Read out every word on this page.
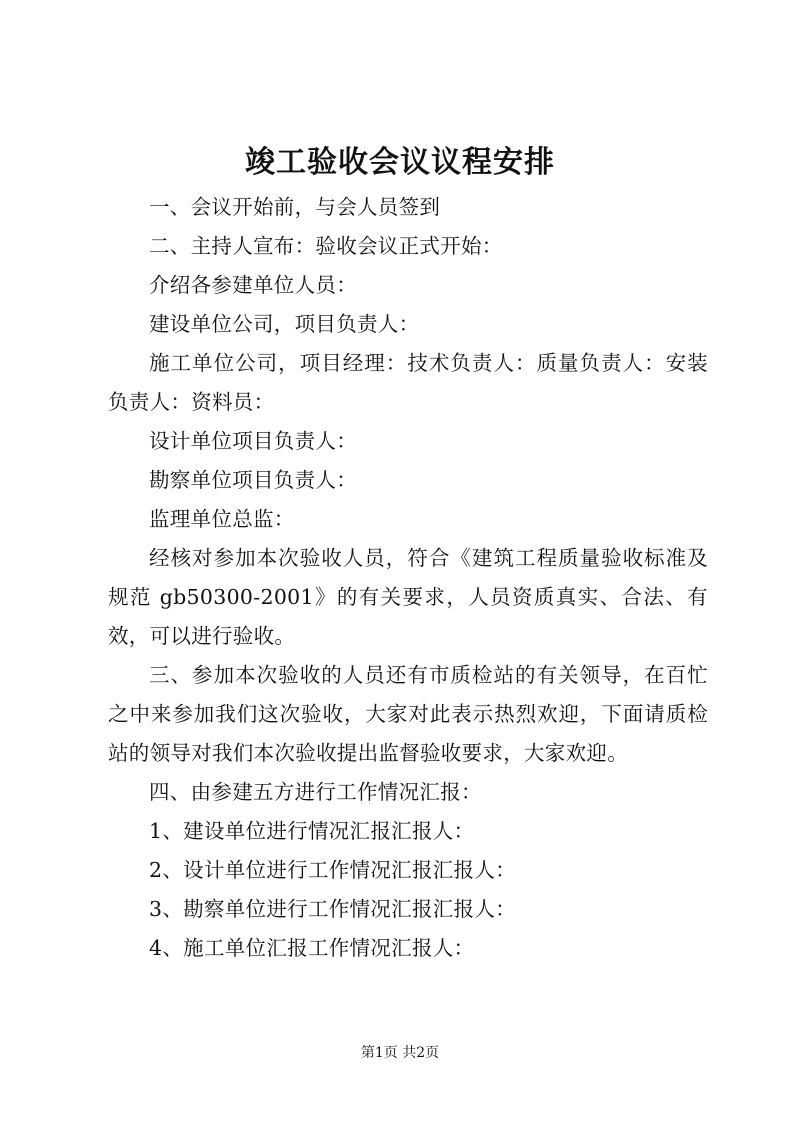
竣工验收会议议程安排

一、会议开始前，与会人员签到

二、主持人宣布：验收会议正式开始：

介绍各参建单位人员：

建设单位公司，项目负责人：

施工单位公司，项目经理：技术负责人：质量负责人：安装负责人：资料员：

设计单位项目负责人：

勘察单位项目负责人：

监理单位总监：

经核对参加本次验收人员，符合《建筑工程质量验收标准及规范 gb50300-2001》的有关要求，人员资质真实、合法、有效，可以进行验收。

三、参加本次验收的人员还有市质检站的有关领导，在百忙之中来参加我们这次验收，大家对此表示热烈欢迎，下面请质检站的领导对我们本次验收提出监督验收要求，大家欢迎。

四、由参建五方进行工作情况汇报：

1、建设单位进行情况汇报汇报人：

2、设计单位进行工作情况汇报汇报人：

3、勘察单位进行工作情况汇报汇报人：

4、施工单位汇报工作情况汇报人：

第1页 共2页
